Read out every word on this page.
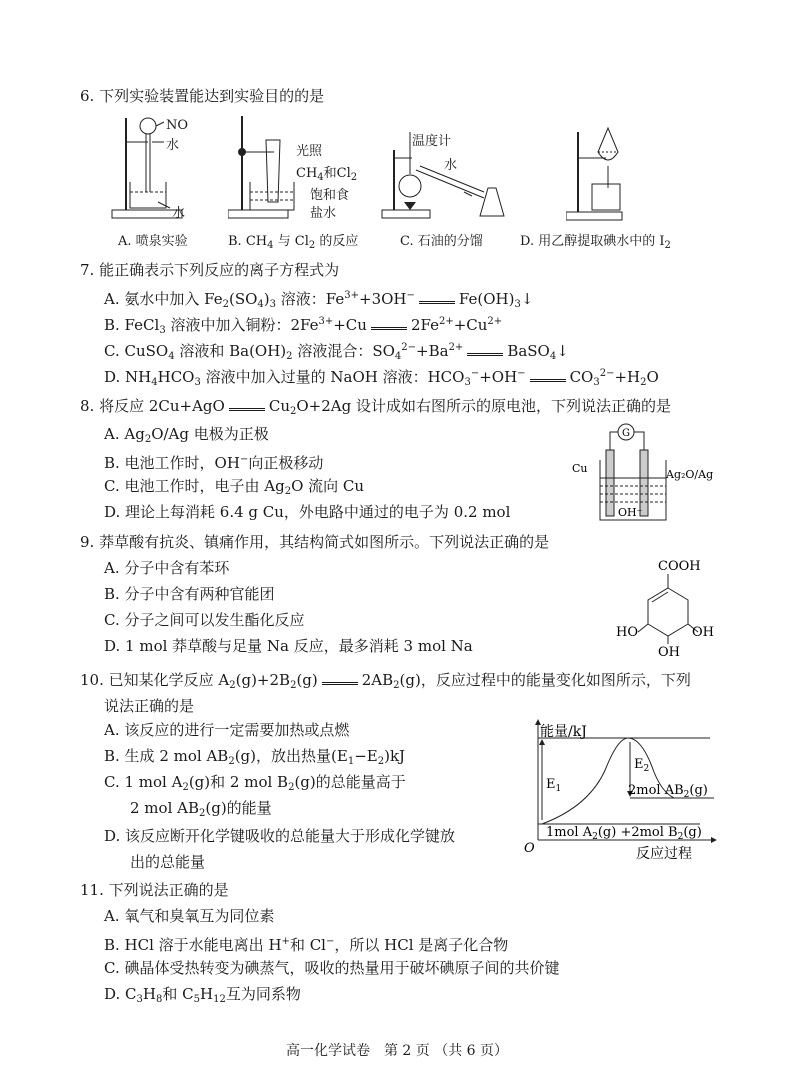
6. 下列实验装置能达到实验目的的是
NO
水
水
A. 喷泉实验
光照
$CH_4$和$Cl_2$
饱和食
盐水
B. $CH_4$ 与 $Cl_2$ 的反应
温度计
水
C. 石油的分馏	D. 用乙醇提取碘水中的 $I_2$
7. 能正确表示下列反应的离子方程式为
A. 氨水中加入 $Fe_2(SO_4)_3$ 溶液：$Fe^{3+}+3OH^-$	$Fe(OH)_3↓$
B. FeCl$_3$ 溶液中加入铜粉：$2Fe^{3+}+Cu$	$2Fe^{2+}+Cu^{2+}$
C. CuSO$_4$ 溶液和 $Ba(OH)_2$ 溶液混合：$SO_4^{2-}+Ba^{2+}$	BaSO$_4$↓
D. $NH_4HCO_3$ 溶液中加入过量的 NaOH 溶液：$HCO_3^-+OH^-$	$CO_3^{2-}+H_2O$
8. 将反应 2Cu+AgO	$Cu_2O+2Ag$ 设计成如右图所示的原电池，下列说法正确的是
A. $Ag_2O/Ag$ 电极为正极
B. 电池工作时，OH−向正极移动
C. 电池工作时，电子由 $Ag_2O$ 流向 Cu
D. 理论上每消耗 6.4 g Cu，外电路中通过的电子为 0.2 mol
G
Cu	Ag₂O/Ag
OH⁻
9. 莽草酸有抗炎、镇痛作用，其结构简式如图所示。下列说法正确的是
A. 分子中含有苯环
B. 分子中含有两种官能团
C. 分子之间可以发生酯化反应
D. 1 mol 莽草酸与足量 Na 反应，最多消耗 3 mol Na
COOH
HO	OH
OH
10. 已知某化学反应 $A_2(g)+2B_2(g)$	$2AB_2(g)$，反应过程中的能量变化如图所示，下列
说法正确的是
A. 该反应的进行一定需要加热或点燃
B. 生成 2 mol $AB_2(g)$，放出热量$(E_1-E_2)kJ$
C. 1 mol $A_2(g)$和 2 mol $B_2(g)$的总能量高于
2 mol $AB_2(g)$的能量
D. 该反应断开化学键吸收的总能量大于形成化学键放
出的总能量
能量/kJ
$E_1$
$E_2$
2mol $AB_2(g)$
1mol $A_2(g) +2mol$ $B_2(g)$
O	反应过程
11. 下列说法正确的是
A. 氧气和臭氧互为同位素
B. HCl 溶于水能电离出 H+和 Cl−，所以 HCl 是离子化合物
C. 碘晶体受热转变为碘蒸气，吸收的热量用于破坏碘原子间的共价键
D. $C_3H_8$和 $C_5H_{12}$互为同系物
高一化学试卷　第 2 页 （共 6 页）
